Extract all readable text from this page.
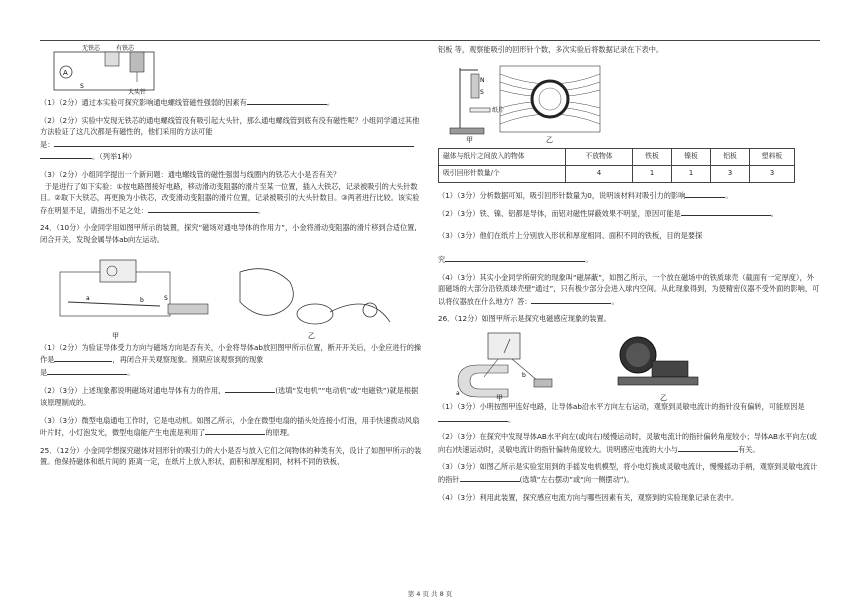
A
无铁芯	有铁芯
大头针
S

（1）（2分）通过本实验可探究影响通电螺线管磁性强弱的因素有	。

（2）（2分）实验中发现无铁芯的通电螺线管没有吸引起大头针，那么通电螺线管到底有没有磁性呢？小组同学通过其他方法验证了这几次都是有磁性的，他们采用的方法可能
是：
。（列举1种）

（3）（2分）小组同学提出一个新问题：通电螺线管的磁性强弱与线圈内的铁芯大小是否有关？
于是进行了如下实验：①按电路图接好电路，移动滑动变阻器的滑片至某一位置，插入大铁芯，记录被吸引的大头针数目。②取下大铁芯，再更换为小铁芯，改变滑动变阻器的滑片位置，记录被吸引的大头针数目。③两者进行比较。该实验存在明显不足，请指出不足之处：	。

24．（10分）小金同学用如图甲所示的装置，探究“磁场对通电导体的作用力”，小金将滑动变阻器的滑片移到合适位置,闭合开关，发现金属导体ab向左运动。

S
a	b
甲	乙

（1）（2分）为验证导体受力方向与磁场方向是否有关，小金将导体ab放回图甲所示位置，断开开关后，小金应进行的操作是	，再闭合开关观察现象。预期应该观察到的现象
是	。

（2）（3分）上述现象都说明磁场对通电导体有力的作用，	(选填“发电机”“电动机”或“电磁铁”)就是根据该原理制成的。

（3）（3分）微型电扇通电工作时，它是电动机。如图乙所示，小金在微型电扇的插头处连接小灯泡，用手快速拨动风扇叶片时，小灯泡发光，微型电扇能产生电流是利用了	的原理。

25．（12分）小金同学想探究磁体对回形针的吸引力的大小是否与放入它们之间物体的种类有关，设计了如图甲所示的装置。他保持磁体和纸片间的 距离一定，在纸片上放入形状、面积和厚度相同，材料不同的铁板、

铝板 等，观察能吸引的回形针个数，多次实验后将数据记录在下表中。

N
S
纸片
甲	乙
磁体与纸片之间放入的物体	不放物体	铁板	镍板	铝板	塑料板
吸引回形针数量/个	4	1	1	3	3

（1）（3分）分析数据可知，吸引回形针数量为0，说明该材料对吸引力的影响	。

（2）（3分）铁、镍、铝都是导体，而铝对磁性屏蔽效果不明显，原因可能是	。

（3）（3分）他们在纸片上分别放入形状和厚度相同、面积不同的铁板，目的是要探

究	。

（4）（3分）其实小金同学所研究的现象叫“磁屏蔽”，如图乙所示，一个放在磁场中的铁质球壳（截面有一定厚度），外面磁场的大部分沿铁质球壳壁“通过”，只有极少部分会进入球内空间。从此现象得到，为使精密仪器不受外面的影响，可以将仪器放在什么地方？答：	。

26．（12分）如图甲所示是探究电磁感应现象的装置。

a
b
甲	乙

（1）（3分）小明按图甲连好电路，让导体ab沿水平方向左右运动，观察到灵敏电流计的指针没有偏转，可能原因是。

（2）（3分）在探究中发现导体AB水平向左(或向右)缓慢运动时，灵敏电流计的指针偏转角度较小；导体AB水平向左(或向右)快速运动时，灵敏电流计的指针偏转角度较大。说明感应电流的大小与	有关。

（3）（3分）如图乙所示是实验室用到的手摇发电机模型，将小电灯换成灵敏电流计，慢慢摇动手柄，观察到灵敏电流计的指针	(选填“左右摆动”或“向一侧摆动”)。

（4）（3分）利用此装置，探究感应电流方向与哪些因素有关，观察到的实验现象记录在表中。

第 4 页 共 8 页
